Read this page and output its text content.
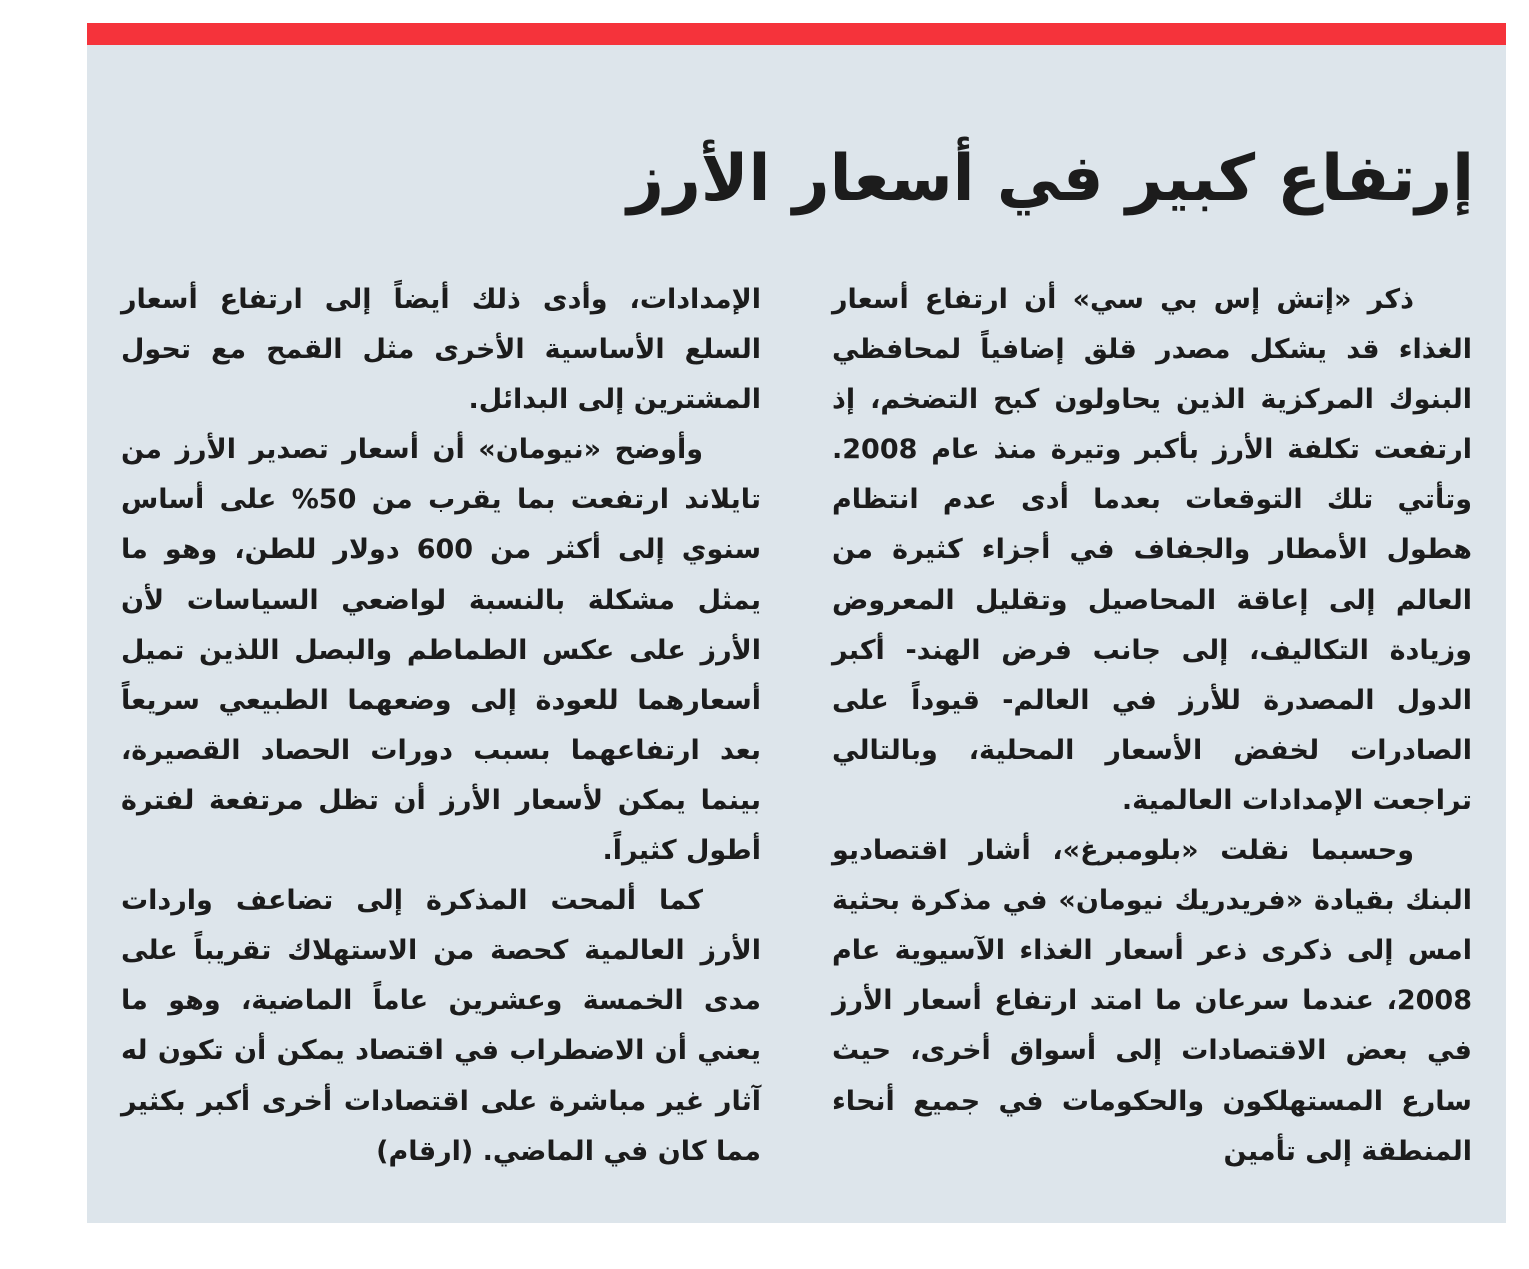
إرتفاع كبير في أسعار الأرز

ذكر «إتش إس بي سي» أن ارتفاع أسعار الغذاء قد يشكل مصدر قلق إضافياً لمحافظي البنوك المركزية الذين يحاولون كبح التضخم، إذ ارتفعت تكلفة الأرز بأكبر وتيرة منذ عام 2008. وتأتي تلك التوقعات بعدما أدى عدم انتظام هطول الأمطار والجفاف في أجزاء كثيرة من العالم إلى إعاقة المحاصيل وتقليل المعروض وزيادة التكاليف، إلى جانب فرض الهند- أكبر الدول المصدرة للأرز في العالم- قيوداً على الصادرات لخفض الأسعار المحلية، وبالتالي تراجعت الإمدادات العالمية.

وحسبما نقلت «بلومبرغ»، أشار اقتصاديو البنك بقيادة «فريدريك نيومان» في مذكرة بحثية امس إلى ذكرى ذعر أسعار الغذاء الآسيوية عام 2008، عندما سرعان ما امتد ارتفاع أسعار الأرز في بعض الاقتصادات إلى أسواق أخرى، حيث سارع المستهلكون والحكومات في جميع أنحاء المنطقة إلى تأمين

الإمدادات، وأدى ذلك أيضاً إلى ارتفاع أسعار السلع الأساسية الأخرى مثل القمح مع تحول المشترين إلى البدائل.

وأوضح «نيومان» أن أسعار تصدير الأرز من تايلاند ارتفعت بما يقرب من 50% على أساس سنوي إلى أكثر من 600 دولار للطن، وهو ما يمثل مشكلة بالنسبة لواضعي السياسات لأن الأرز على عكس الطماطم والبصل اللذين تميل أسعارهما للعودة إلى وضعهما الطبيعي سريعاً بعد ارتفاعهما بسبب دورات الحصاد القصيرة، بينما يمكن لأسعار الأرز أن تظل مرتفعة لفترة أطول كثيراً.

كما ألمحت المذكرة إلى تضاعف واردات الأرز العالمية كحصة من الاستهلاك تقريباً على مدى الخمسة وعشرين عاماً الماضية، وهو ما يعني أن الاضطراب في اقتصاد يمكن أن تكون له آثار غير مباشرة على اقتصادات أخرى أكبر بكثير مما كان في الماضي. (ارقام)
